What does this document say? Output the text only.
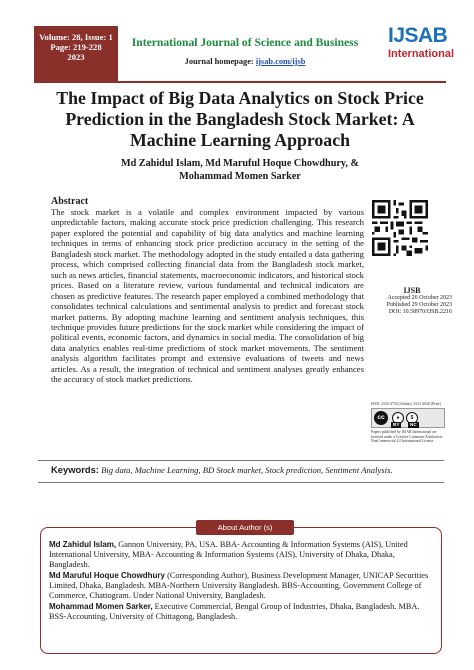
Volume: 28, Issue: 1
Page: 219-228
2023
International Journal of Science and Business
Journal homepage: ijsab.com/ijsb
IJSAB
International
The Impact of Big Data Analytics on Stock Price Prediction in the Bangladesh Stock Market: A Machine Learning Approach
Md Zahidul Islam, Md Maruful Hoque Chowdhury, &
Mohammad Momen Sarker
Abstract
The stock market is a volatile and complex environment impacted by various unpredictable factors, making accurate stock price prediction challenging. This research paper explored the potential and capability of big data analytics and machine learning techniques in terms of enhancing stock price prediction accuracy in the setting of the Bangladesh stock market. The methodology adopted in the study entailed a data gathering process, which comprised collecting financial data from the Bangladesh stock market, such as news articles, financial statements, macroeconomic indicators, and historical stock prices. Based on a literature review, various fundamental and technical indicators are chosen as predictive features. The research paper employed a combined methodology that consolidates technical calculations and sentimental analysis to predict and forecast stock market patterns. By adopting machine learning and sentiment analysis techniques, this technique provides future predictions for the stock market while considering the impact of political events, economic factors, and dynamics in social media. The consolidation of big data analytics enables real-time predictions of stock market movements. The sentiment analysis algorithm facilitates prompt and extensive evaluations of tweets and news articles. As a result, the integration of technical and sentiment analyses greatly enhances the accuracy of stock market predictions.
IJSB
Accepted 26 October 2023
Published 29 October 2023
DOI: 10.58970/IJSB.2216
ISSN: 2520-4750 (Online), 2521-3040 (Print)
cc	●	$
BY	NC
Papers published by IJSAB International are licensed under a Creative Commons Attribution-NonCommercial 4.0 International License.
Keywords: Big data, Machine Learning, BD Stock market, Stock prediction, Sentiment Analysis.
About Author (s)
Md Zahidul Islam, Gannon University, PA, USA. BBA- Accounting & Information Systems (AIS), United International University, MBA- Accounting & Information Systems (AIS), University of Dhaka, Dhaka, Bangladesh.
Md Maruful Hoque Chowdhury (Corresponding Author), Business Development Manager, UNICAP Securities Limited, Dhaka, Bangladesh. MBA-Northern University Bangladesh. BBS-Accounting, Government College of Commerce, Chattogram. Under National University, Bangladesh.
Mohammad Momen Sarker, Executive Commercial, Bengal Group of Industries, Dhaka, Bangladesh. MBA. BSS-Accounting, University of Chittagong, Bangladesh.
